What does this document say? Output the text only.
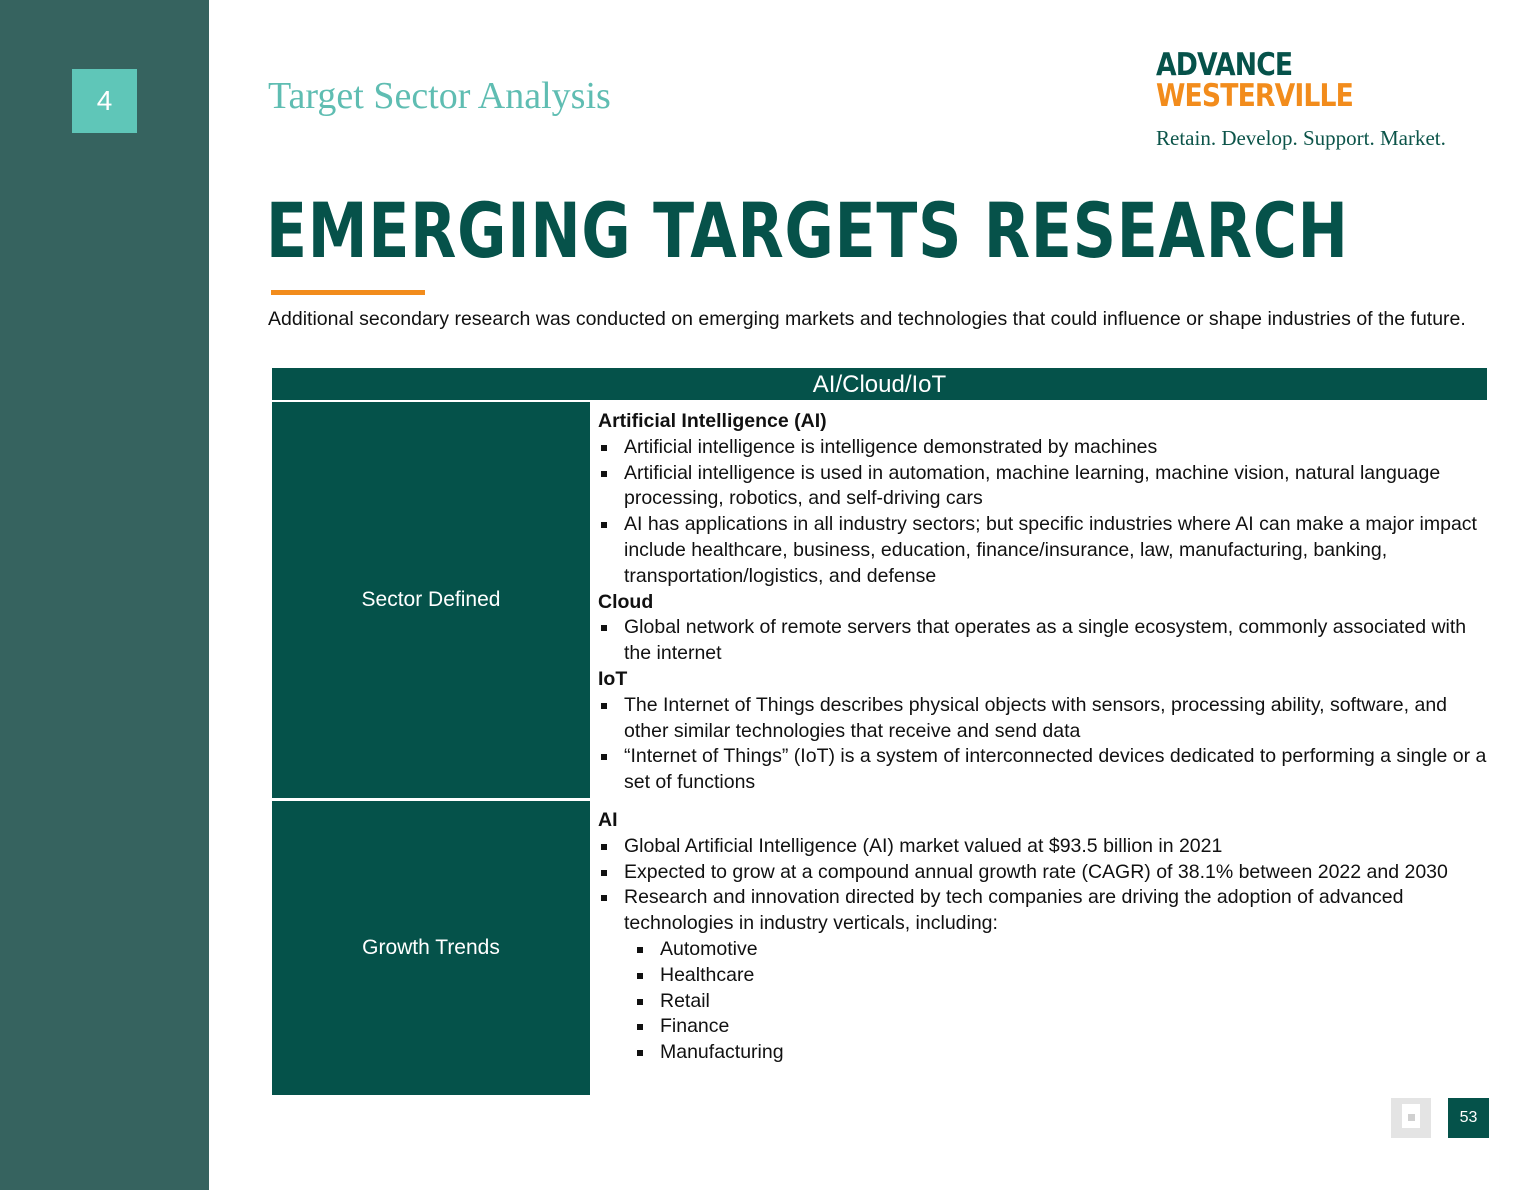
4	Target Sector Analysis
ADVANCE
WESTERVILLE
Retain. Develop. Support. Market.
EMERGING TARGETS RESEARCH
Additional secondary research was conducted on emerging markets and technologies that could influence or shape industries of the future.
AI/Cloud/IoT
Sector Defined
Artificial Intelligence (AI)
Artificial intelligence is intelligence demonstrated by machines
Artificial intelligence is used in automation, machine learning, machine vision, natural language processing, robotics, and self-driving cars
AI has applications in all industry sectors; but specific industries where AI can make a major impact include healthcare, business, education, finance/insurance, law, manufacturing, banking, transportation/logistics, and defense
Cloud
Global network of remote servers that operates as a single ecosystem, commonly associated with the internet
IoT
The Internet of Things describes physical objects with sensors, processing ability, software, and other similar technologies that receive and send data
“Internet of Things” (IoT) is a system of interconnected devices dedicated to performing a single or a set of functions
Growth Trends
AI
Global Artificial Intelligence (AI) market valued at $93.5 billion in 2021
Expected to grow at a compound annual growth rate (CAGR) of 38.1% between 2022 and 2030
Research and innovation directed by tech companies are driving the adoption of advanced technologies in industry verticals, including:
Automotive
Healthcare
Retail
Finance
Manufacturing
53
